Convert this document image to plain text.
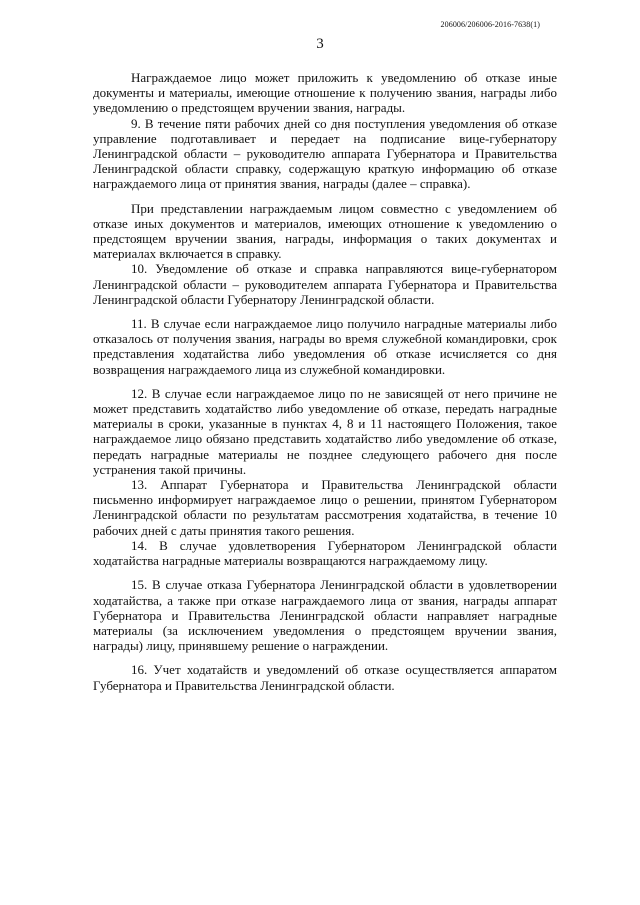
206006/206006-2016-7638(1)
3

Награждаемое лицо может приложить к уведомлению об отказе иные документы и материалы, имеющие отношение к получению звания, награды либо уведомлению о предстоящем вручении звания, награды.

9. В течение пяти рабочих дней со дня поступления уведомления об отказе управление подготавливает и передает на подписание вице-губернатору Ленинградской области – руководителю аппарата Губернатора и Правительства Ленинградской области справку, содержащую краткую информацию об отказе награждаемого лица от принятия звания, награды (далее – справка).

При представлении награждаемым лицом совместно с уведомлением об отказе иных документов и материалов, имеющих отношение к уведомлению о предстоящем вручении звания, награды, информация о таких документах и материалах включается в справку.

10. Уведомление об отказе и справка направляются вице-губернатором Ленинградской области – руководителем аппарата Губернатора и Правительства Ленинградской области Губернатору Ленинградской области.

11. В случае если награждаемое лицо получило наградные материалы либо отказалось от получения звания, награды во время служебной командировки, срок представления ходатайства либо уведомления об отказе исчисляется со дня возвращения награждаемого лица из служебной командировки.

12. В случае если награждаемое лицо по не зависящей от него причине не может представить ходатайство либо уведомление об отказе, передать наградные материалы в сроки, указанные в пунктах 4, 8 и 11 настоящего Положения, такое награждаемое лицо обязано представить ходатайство либо уведомление об отказе, передать наградные материалы не позднее следующего рабочего дня после устранения такой причины.

13. Аппарат Губернатора и Правительства Ленинградской области письменно информирует награждаемое лицо о решении, принятом Губернатором Ленинградской области по результатам рассмотрения ходатайства, в течение 10 рабочих дней с даты принятия такого решения.

14. В случае удовлетворения Губернатором Ленинградской области ходатайства наградные материалы возвращаются награждаемому лицу.

15. В случае отказа Губернатора Ленинградской области в удовлетворении ходатайства, а также при отказе награждаемого лица от звания, награды аппарат Губернатора и Правительства Ленинградской области направляет наградные материалы (за исключением уведомления о предстоящем вручении звания, награды) лицу, принявшему решение о награждении.

16. Учет ходатайств и уведомлений об отказе осуществляется аппаратом Губернатора и Правительства Ленинградской области.
